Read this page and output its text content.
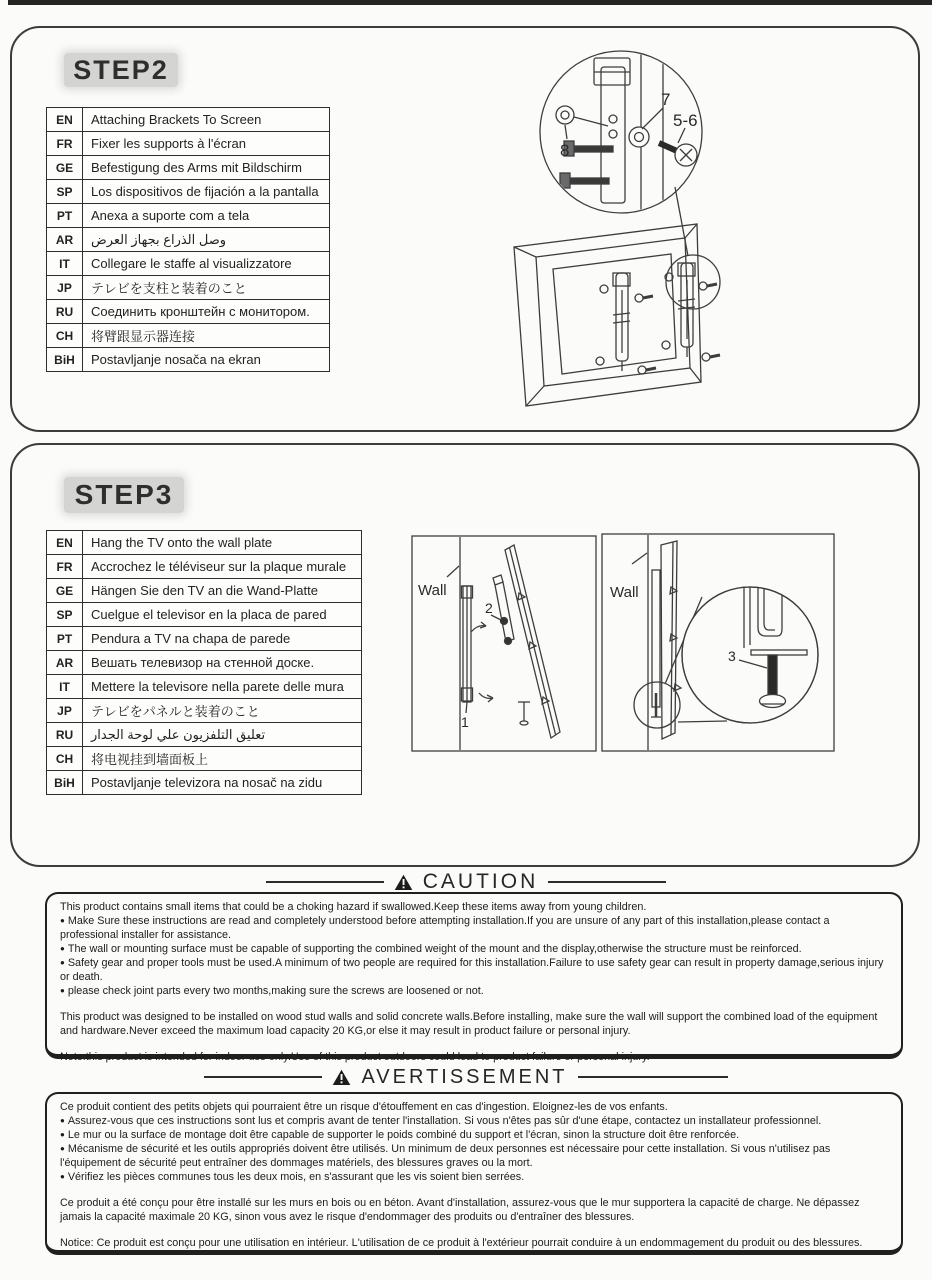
STEP2
EN	Attaching Brackets To Screen
FR	Fixer les supports à l'écran
GE	Befestigung des Arms mit Bildschirm
SP	Los dispositivos de fijación a la pantalla
PT	Anexa a suporte com a tela
AR	وصل الذراع بجهاز العرض
IT	Collegare le staffe al visualizzatore
JP	テレビを支柱と装着のこと
RU	Соединить кронштейн с монитором.
CH	将臂跟显示器连接
BiH	Postavljanje nosača na ekran
7
5-6
8
STEP3
EN	Hang the TV onto the wall plate
FR	Accrochez le téléviseur sur la plaque murale
GE	Hängen Sie den TV an die Wand-Platte
SP	Cuelgue el televisor en la placa de pared
PT	Pendura a TV na chapa de parede
AR	Вешать телевизор на стенной доске.
IT	Mettere la televisore nella parete delle mura
JP	テレビをパネルと装着のこと
RU	تعليق التلفزيون علي لوحة الجدار
CH	将电视挂到墙面板上
BiH	Postavljanje televizora na nosač na zidu
Wall
1
2
Wall
3
CAUTION

This product contains small items that could be a choking hazard if swallowed.Keep these items away from young children.

● Make Sure these instructions are read and completely understood before attempting installation.If you are unsure of any part of this installation,please contact a professional installer for assistance.

● The wall or mounting surface must be capable of supporting the combined weight of the mount and the display,otherwise the structure must be reinforced.

● Safety gear and proper tools must be used.A minimum of two people are required for this installation.Failure to use safety gear can result in property damage,serious injury or death.

● please check joint parts every two months,making sure the screws are loosened or not.

This product was designed to be installed on wood stud walls and solid concrete walls.Before installing, make sure the wall will support the combined load of the equipment and hardware.Never exceed the maximum load capacity 20 KG,or else it may result in product failure or personal injury.

Note:this product is intended for indoor use only.Use of this product outdoors could lead to product failure or personal injury.

AVERTISSEMENT

Ce produit contient des petits objets qui pourraient être un risque d'étouffement en cas d'ingestion. Eloignez-les de vos enfants.

● Assurez-vous que ces instructions sont lus et compris avant de tenter l'installation. Si vous n'êtes pas sûr d'une étape, contactez un installateur professionnel.

● Le mur ou la surface de montage doit être capable de supporter le poids combiné du support et l'écran, sinon la structure doit être renforcée.

● Mécanisme de sécurité et les outils appropriés doivent être utilisés. Un minimum de deux personnes est nécessaire pour cette installation. Si vous n'utilisez pas l'équipement de sécurité peut entraîner des dommages matériels, des blessures graves ou la mort.

● Vérifiez les pièces communes tous les deux mois, en s'assurant que les vis soient bien serrées.

Ce produit a été conçu pour être installé sur les murs en bois ou en béton. Avant d'installation, assurez-vous que le mur supportera la capacité de charge. Ne dépassez jamais la capacité maximale 20 KG, sinon vous avez le risque d'endommager des produits ou d'entraîner des blessures.

Notice: Ce produit est conçu pour une utilisation en intérieur. L'utilisation de ce produit à l'extérieur pourrait conduire à un endommagement du produit ou des blessures.
